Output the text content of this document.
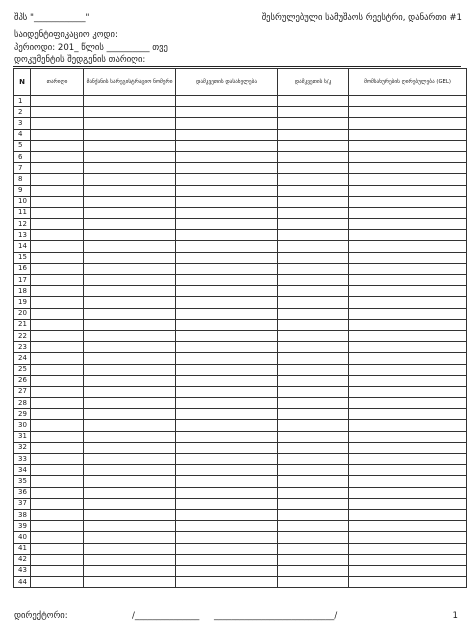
შპს "____________"	შესრულებული სამუშაოს რეესტრი, დანართი #1
საიდენტიფიკაციო კოდი:
პერიოდი: 201_ წლის __________ თვე
დოკუმენტის შედგენის თარიღი:
N	თარიღი	მანქანის სარეგისტრაციო ნომერი	დამკვეთის დასახელება	დამკვეთის ს/კ	მომსახურების ღირებულება (GEL)
1					
2					
3					
4					
5					
6					
7					
8					
9					
10					
11					
12					
13					
14					
15					
16					
17					
18					
19					
20					
21					
22					
23					
24					
25					
26					
27					
28					
29					
30					
31					
32					
33					
34					
35					
36					
37					
38					
39					
40					
41					
42					
43					
44					
დირექტორი:	/_______________ ____________________________/	1
